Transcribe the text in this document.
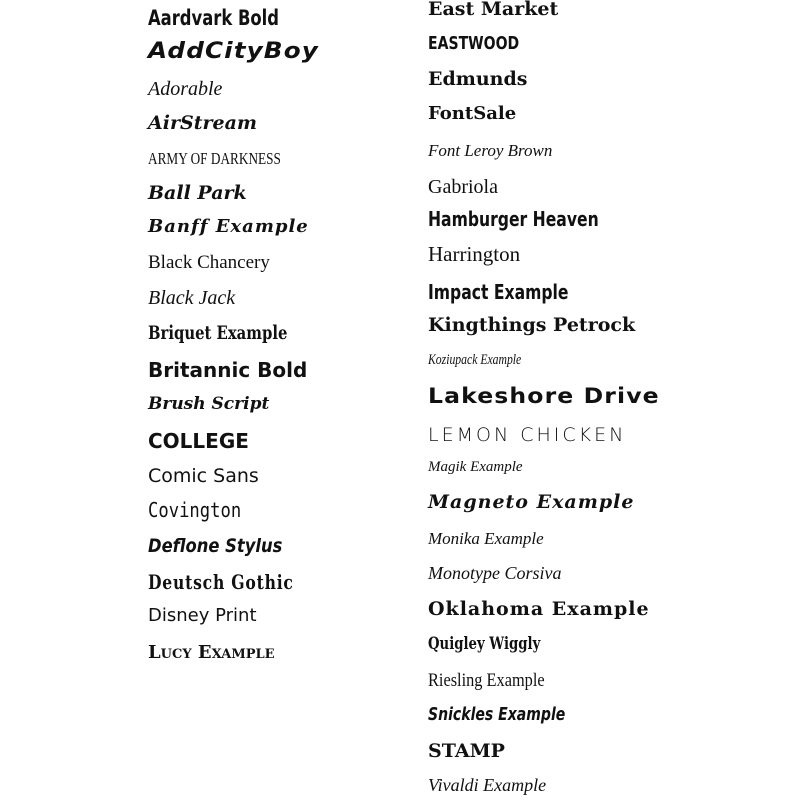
Aardvark Bold
AddCityBoy
Adorable
AirStream
ARMY OF DARKNESS
Ball Park
Banff Example
Black Chancery
Black Jack
Briquet Example
Britannic Bold
Brush Script
COLLEGE
Comic Sans
Covington
Deflone Stylus
Deutsch Gothic
Disney Print
Lucy Example
East Market
EASTWOOD
Edmunds
FontSale
Font Leroy Brown
Gabriola
Hamburger Heaven
Harrington
Impact Example
Kingthings Petrock
Koziupack Example
Lakeshore Drive
LEMON CHICKEN
Magik Example
Magneto Example
Monika Example
Monotype Corsiva
Oklahoma Example
Quigley Wiggly
Riesling Example
Snickles Example
STAMP
Vivaldi Example
